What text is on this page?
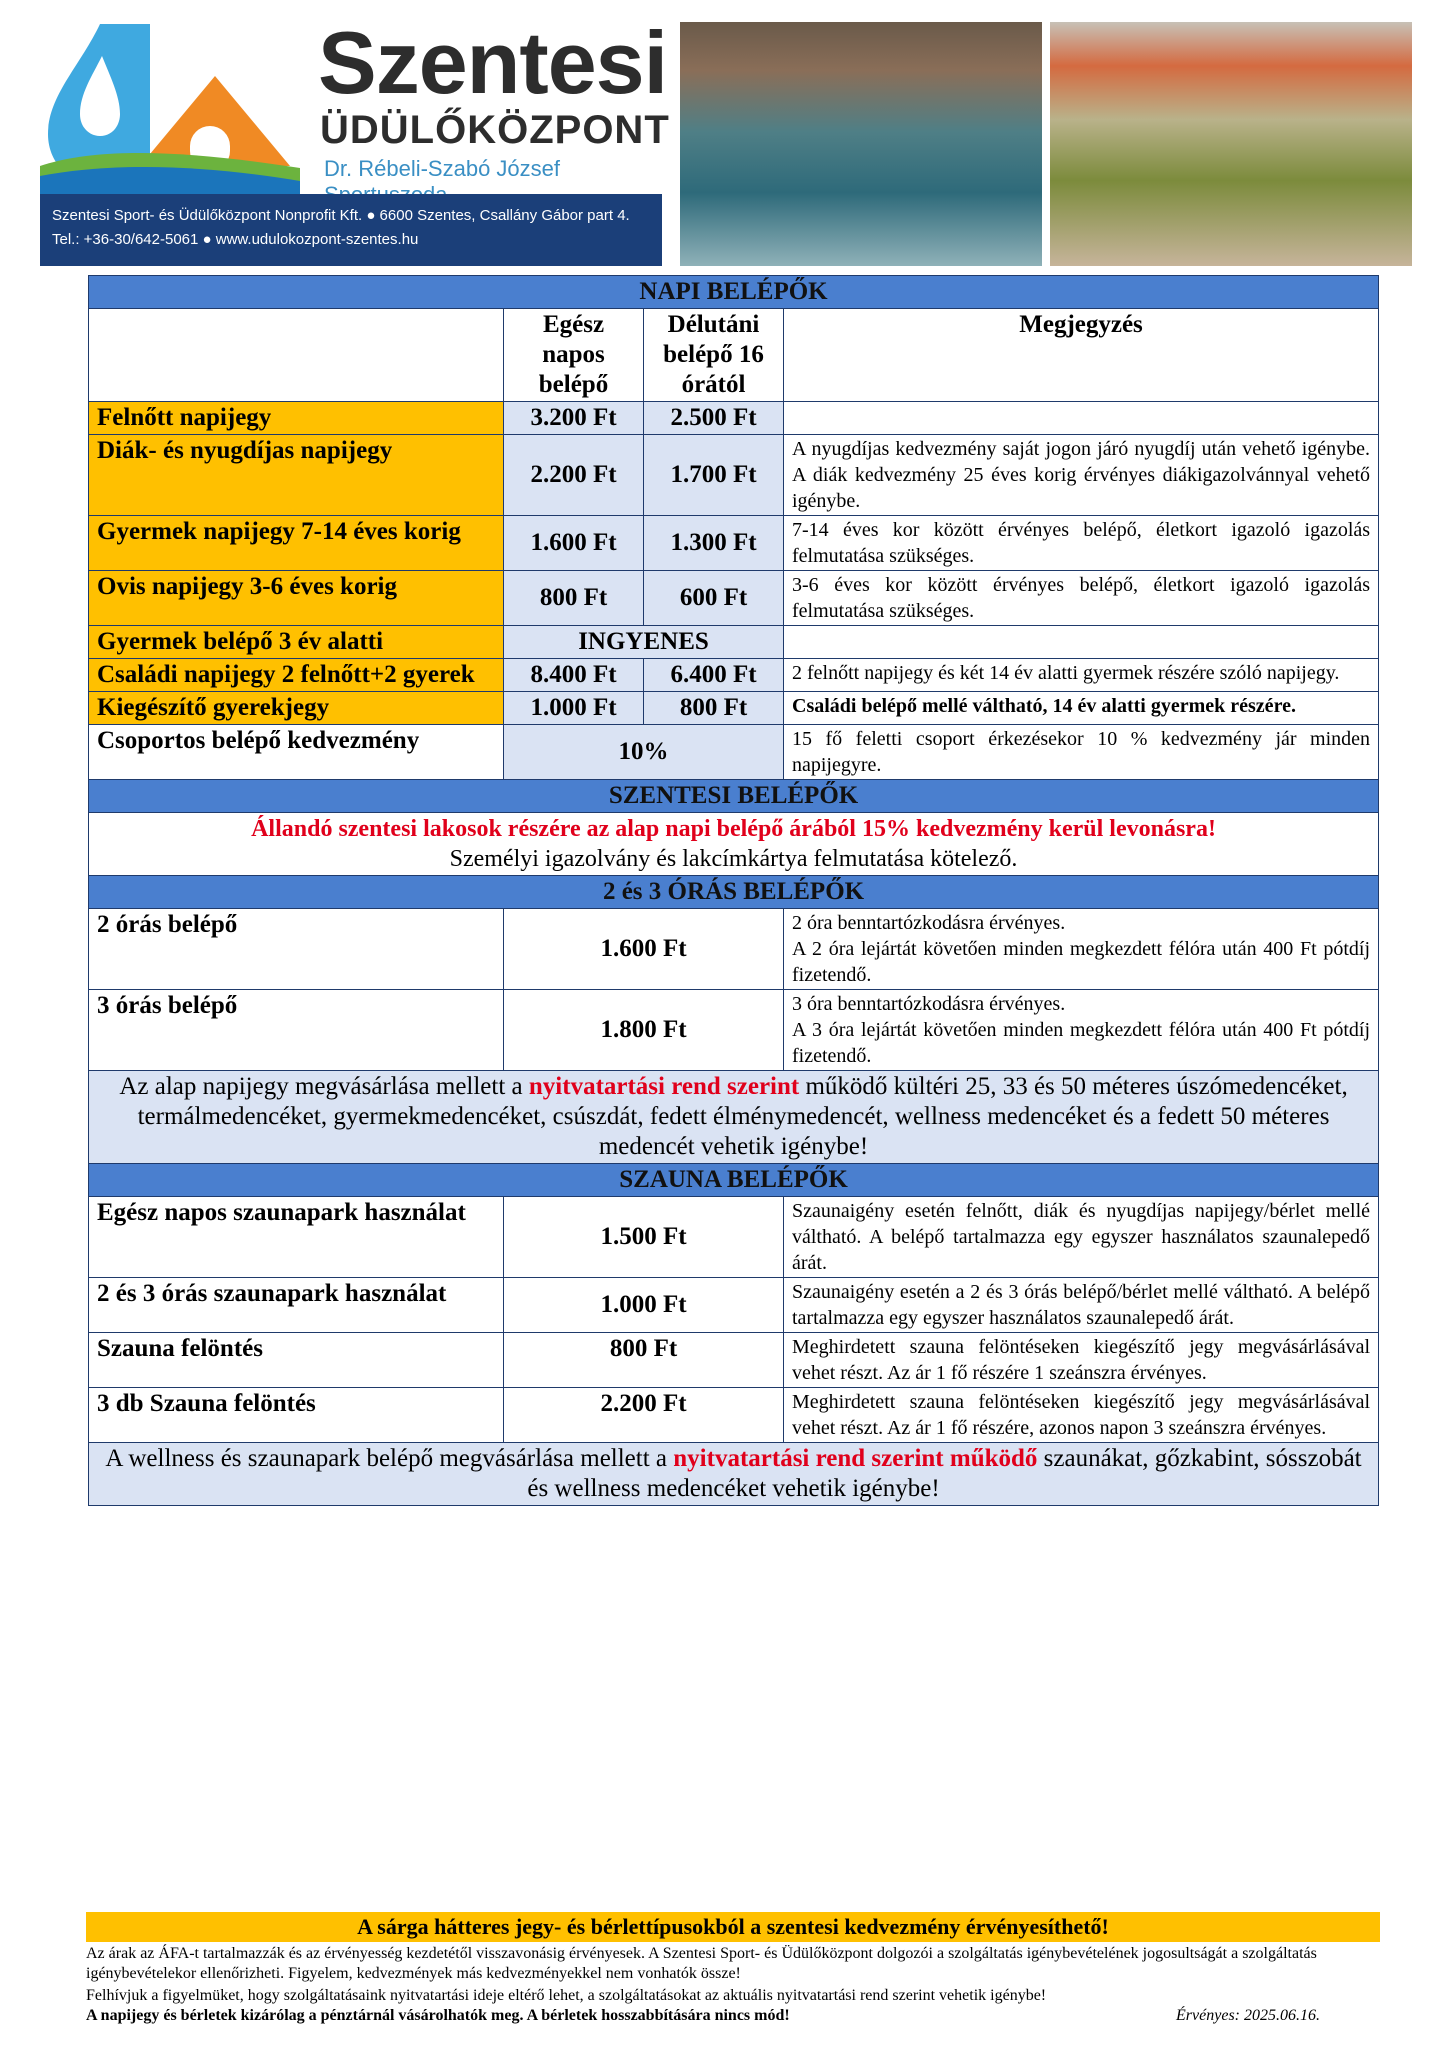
Szentesi
ÜDÜLŐKÖZPONT
Dr. Rébeli-Szabó József
Szentesi Sport- és Üdülőközpont Nonprofit Kft. ● 6600 Szentes, Csallány Gábor part 4.
Tel.: +36-30/642-5061 ● www.udulokozpont-szentes.hu
NAPI BELÉPŐK			
	Egész napos belépő	Délutáni belépő 16 órától	Megjegyzés
Felnőtt napijegy	3.200 Ft	2.500 Ft	
Diák- és nyugdíjas napijegy	2.200 Ft	1.700 Ft	A nyugdíjas kedvezmény saját jogon járó nyugdíj után vehető igénybe. A diák kedvezmény 25 éves korig érvényes diákigazolvánnyal vehető igénybe.
Gyermek napijegy 7-14 éves korig	1.600 Ft	1.300 Ft	7-14 éves kor között érvényes belépő, életkort igazoló igazolás felmutatása szükséges.
Ovis napijegy 3-6 éves korig	800 Ft	600 Ft	3-6 éves kor között érvényes belépő, életkort igazoló igazolás felmutatása szükséges.
Gyermek belépő 3 év alatti	INGYENES		
Családi napijegy 2 felnőtt+2 gyerek	8.400 Ft	6.400 Ft	2 felnőtt napijegy és két 14 év alatti gyermek részére szóló napijegy.
Kiegészítő gyerekjegy	1.000 Ft	800 Ft	Családi belépő mellé váltható, 14 év alatti gyermek részére.
Csoportos belépő kedvezmény	10%		15 fő feletti csoport érkezésekor 10 % kedvezmény jár minden napijegyre.
SZENTESI BELÉPŐK			

Állandó szentesi lakosok részére az alap napi belépő árából 15% kedvezmény kerül levonásra!
Személyi igazolvány és lakcímkártya felmutatása kötelező.			

2 és 3 ÓRÁS BELÉPŐK			
2 órás belépő	1.600 Ft		2 óra benntartózkodásra érvényes.
A 2 óra lejártát követően minden megkezdett félóra után 400 Ft pótdíj fizetendő.

3 órás belépő	1.800 Ft		3 óra benntartózkodásra érvényes.
A 3 óra lejártát követően minden megkezdett félóra után 400 Ft pótdíj fizetendő.

Az alap napijegy megvásárlása mellett a nyitvatartási rend szerint működő kültéri 25, 33 és 50 méteres úszómedencéket, termálmedencéket, gyermekmedencéket, csúszdát, fedett élménymedencét, wellness medencéket és a fedett 50 méteres medencét vehetik igénybe!			
SZAUNA BELÉPŐK			
Egész napos szaunapark használat	1.500 Ft		Szaunaigény esetén felnőtt, diák és nyugdíjas napijegy/bérlet mellé váltható. A belépő tartalmazza egy egyszer használatos szaunalepedő árát.
2 és 3 órás szaunapark használat	1.000 Ft		Szaunaigény esetén a 2 és 3 órás belépő/bérlet mellé váltható. A belépő tartalmazza egy egyszer használatos szaunalepedő árát.
Szauna felöntés	800 Ft		Meghirdetett szauna felöntéseken kiegészítő jegy megvásárlásával vehet részt. Az ár 1 fő részére 1 szeánszra érvényes.
3 db Szauna felöntés	2.200 Ft		Meghirdetett szauna felöntéseken kiegészítő jegy megvásárlásával vehet részt. Az ár 1 fő részére, azonos napon 3 szeánszra érvényes.
A wellness és szaunapark belépő megvásárlása mellett a nyitvatartási rend szerint működő szaunákat, gőzkabint, sósszobát és wellness medencéket vehetik igénybe!			
A sárga hátteres jegy- és bérlettípusokból a szentesi kedvezmény érvényesíthető!
Az árak az ÁFA-t tartalmazzák és az érvényesség kezdetétől visszavonásig érvényesek. A Szentesi Sport- és Üdülőközpont dolgozói a szolgáltatás igénybevételének jogosultságát a szolgáltatás igénybevételekor ellenőrizheti. Figyelem, kedvezmények más kedvezményekkel nem vonhatók össze!
Felhívjuk a figyelmüket, hogy szolgáltatásaink nyitvatartási ideje eltérő lehet, a szolgáltatásokat az aktuális nyitvatartási rend szerint vehetik igénybe!
A napijegy és bérletek kizárólag a pénztárnál vásárolhatók meg. A bérletek hosszabbítására nincs mód!	Érvényes: 2025.06.16.
